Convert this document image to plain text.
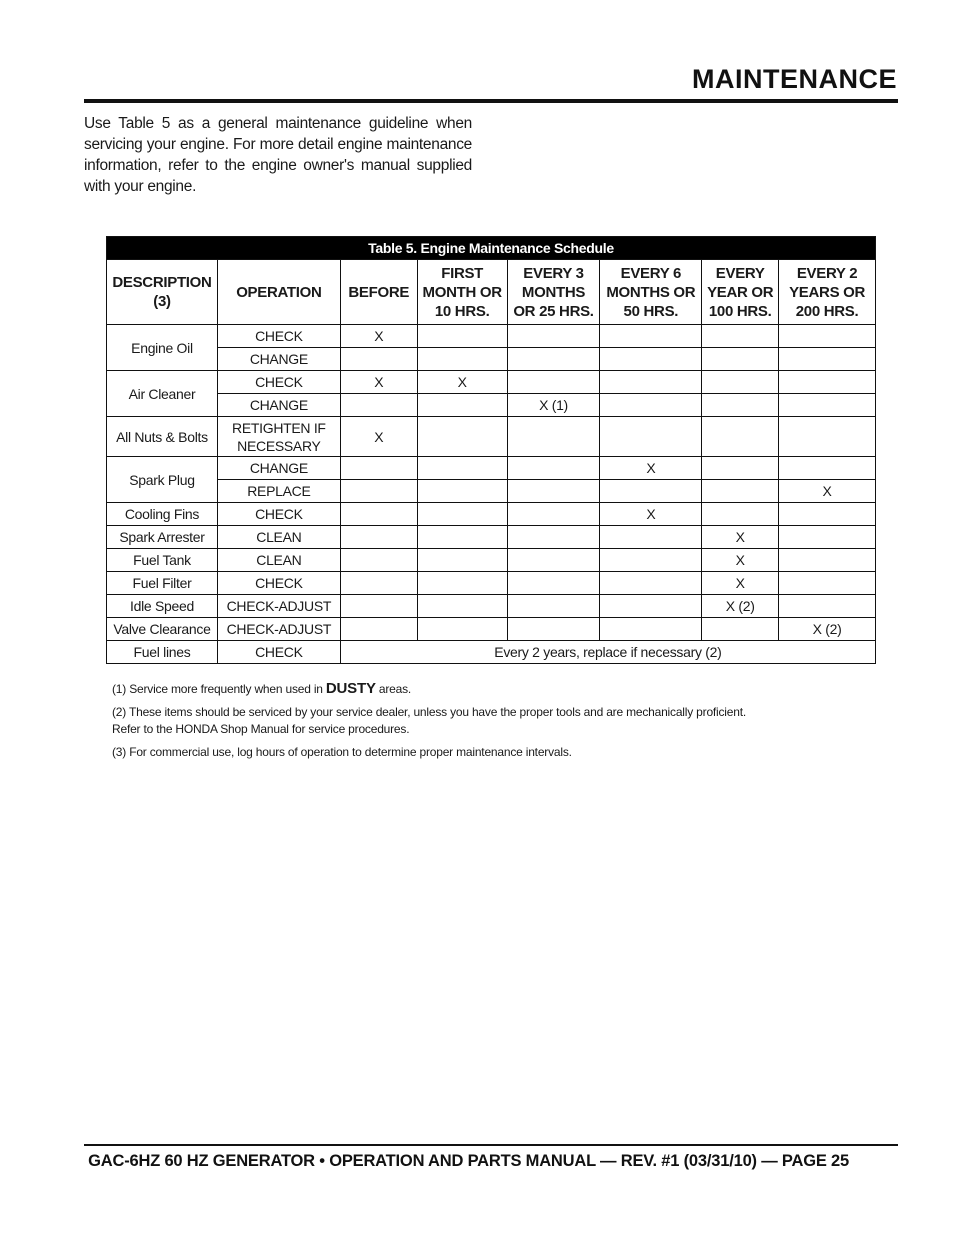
MAINTENANCE
Use Table 5 as a general maintenance guideline when servicing your engine. For more detail engine maintenance information, refer to the engine owner's manual supplied with your engine.
Table 5. Engine Maintenance Schedule							
DESCRIPTION (3)	OPERATION	BEFORE	FIRST MONTH OR 10 HRS.	EVERY 3 MONTHS OR 25 HRS.	EVERY 6 MONTHS OR 50 HRS.	EVERY YEAR OR 100 HRS.	EVERY 2 YEARS OR 200 HRS.
Engine Oil	CHECK	X					
	CHANGE						
Air Cleaner	CHECK	X	X				
	CHANGE			X (1)			
All Nuts & Bolts	RETIGHTEN IF NECESSARY	X					
Spark Plug	CHANGE				X		
	REPLACE						X
Cooling Fins	CHECK				X		
Spark Arrester	CLEAN					X	
Fuel Tank	CLEAN					X	
Fuel Filter	CHECK					X	
Idle Speed	CHECK-ADJUST					X (2)	
Valve Clearance	CHECK-ADJUST						X (2)
Fuel lines	CHECK	Every 2 years, replace if necessary (2)					

(1) Service more frequently when used in DUSTY areas.

(2) These items should be serviced by your service dealer, unless you have the proper tools and are mechanically proficient. Refer to the HONDA Shop Manual for service procedures.

(3) For commercial use, log hours of operation to determine proper maintenance intervals.

GAC-6HZ 60 HZ GENERATOR • OPERATION AND PARTS MANUAL — REV. #1 (03/31/10) — PAGE 25
